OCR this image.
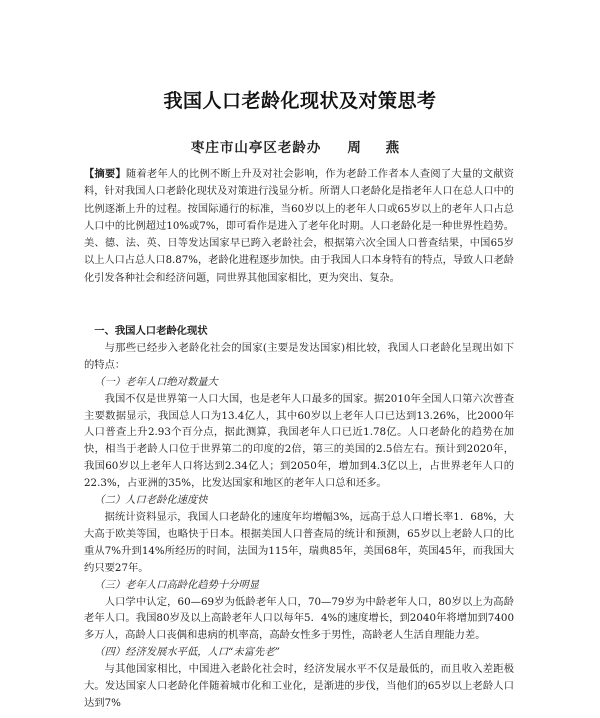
我国人口老龄化现状及对策思考
枣庄市山亭区老龄办 周 燕
【摘要】随着老年人的比例不断上升及对社会影响，作为老龄工作者本人查阅了大量的文献资料，针对我国人口老龄化现状及对策进行浅显分析。所谓人口老龄化是指老年人口在总人口中的比例逐渐上升的过程。按国际通行的标准，当60岁以上的老年人口或65岁以上的老年人口占总人口中的比例超过10%或7%，即可看作是进入了老年化时期。人口老龄化是一种世界性趋势。美、德、法、英、日等发达国家早已跨入老龄社会，根据第六次全国人口普查结果，中国65岁以上人口占总人口8.87%，老龄化进程逐步加快。由于我国人口本身特有的特点，导致人口老龄化引发各种社会和经济问题，同世界其他国家相比，更为突出、复杂。

一、我国人口老龄化现状

与那些已经步入老龄化社会的国家(主要是发达国家)相比较，我国人口老龄化呈现出如下的特点：

（一）老年人口绝对数量大

我国不仅是世界第一人口大国，也是老年人口最多的国家。据2010年全国人口第六次普查主要数据显示，我国总人口为13.4亿人，其中60岁以上老年人口已达到13.26%，比2000年人口普查上升2.93个百分点，据此测算，我国老年人口已近1.78亿。人口老龄化的趋势在加快，相当于老龄人口位于世界第二的印度的2倍，第三的美国的2.5倍左右。预计到2020年，我国60岁以上老年人口将达到2.34亿人；到2050年，增加到4.3亿以上，占世界老年人口的22.3%，占亚洲的35%，比发达国家和地区的老年人口总和还多。

（二）人口老龄化速度快

据统计资料显示，我国人口老龄化的速度年均增幅3%，远高于总人口增长率1．68%，大大高于欧美等国，也略快于日本。根据美国人口普查局的统计和预测，65岁以上老龄人口的比重从7%升到14%所经历的时间，法国为115年，瑞典85年，美国68年，英国45年，而我国大约只要27年。

（三）老年人口高龄化趋势十分明显

人口学中认定，60—69岁为低龄老年人口，70—79岁为中龄老年人口，80岁以上为高龄老年人口。我国80岁及以上高龄老年人口以每年5．4%的速度增长，到2040年将增加到7400多万人，高龄人口丧偶和患病的机率高，高龄女性多于男性，高龄老人生活自理能力差。

（四）经济发展水平低，人口“未富先老”

与其他国家相比，中国进入老龄化社会时，经济发展水平不仅是最低的，而且收入差距极大。发达国家人口老龄化伴随着城市化和工业化，是渐进的步伐，当他们的65岁以上老龄人口达到7%
